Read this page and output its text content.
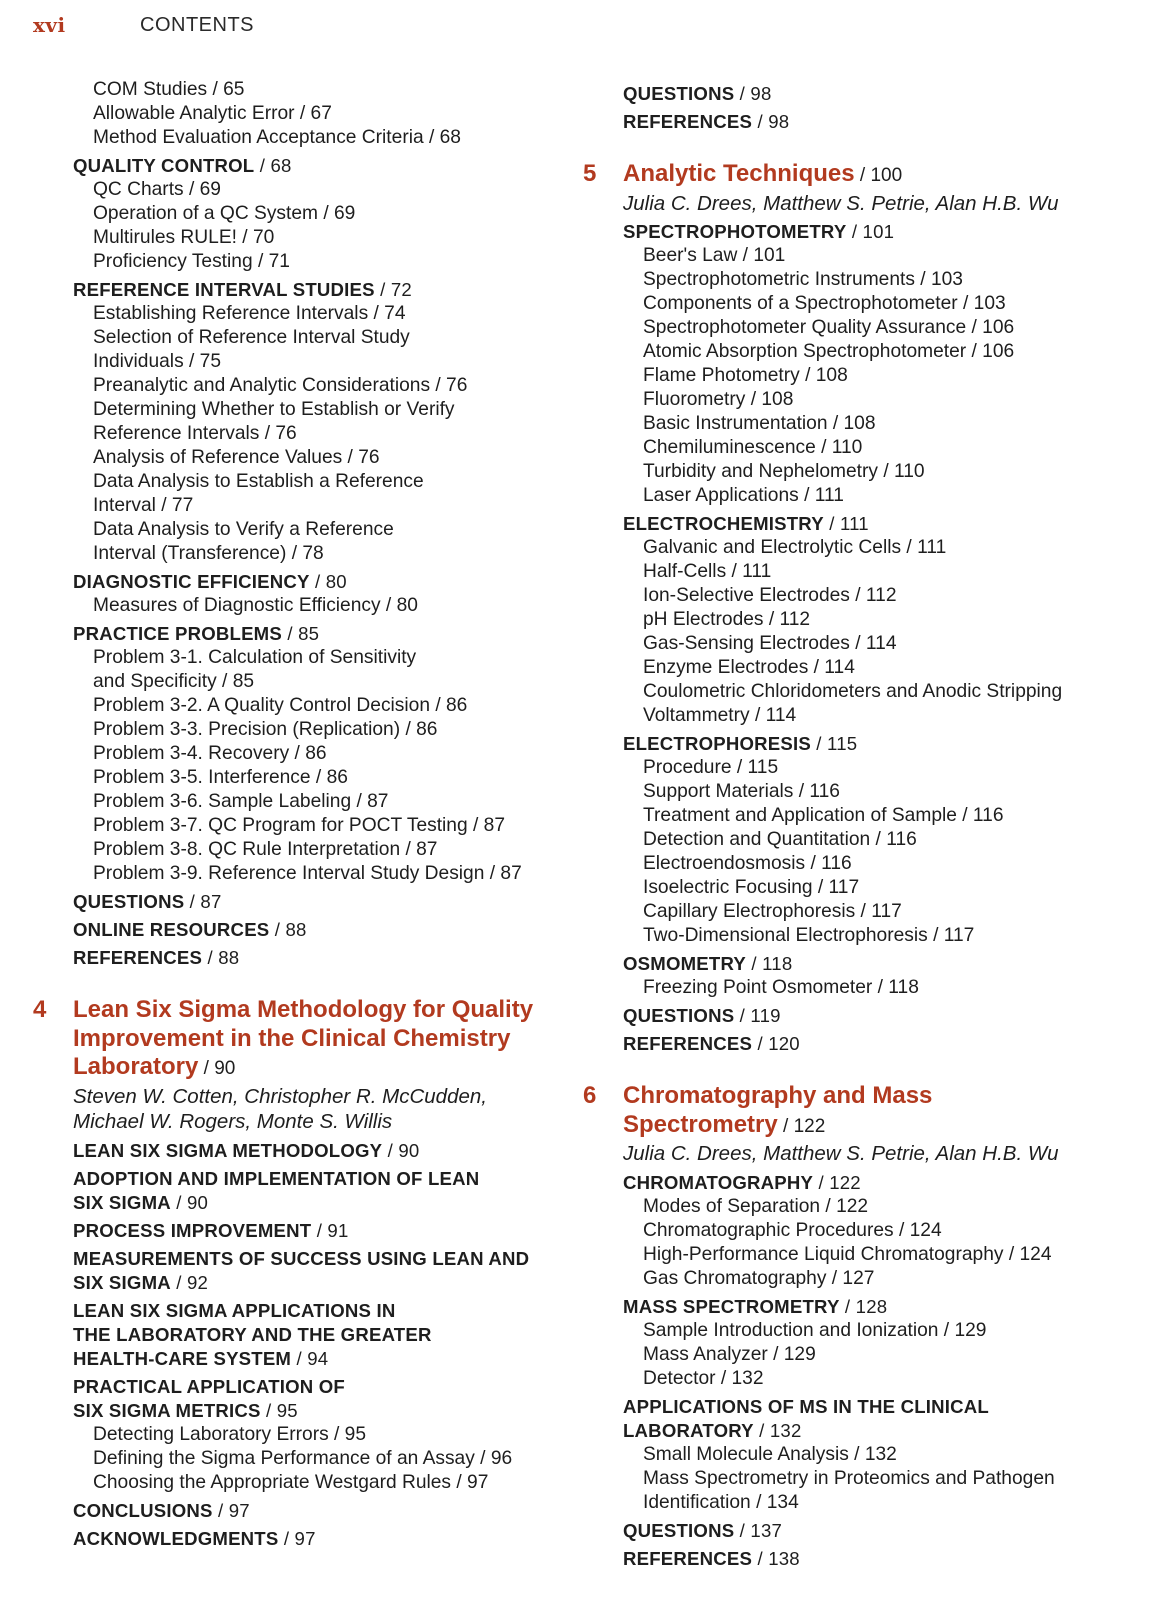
xvi	CONTENTS
COM Studies / 65
Allowable Analytic Error / 67
Method Evaluation Acceptance Criteria / 68
QUALITY CONTROL / 68
QC Charts / 69
Operation of a QC System / 69
Multirules RULE! / 70
Proficiency Testing / 71
REFERENCE INTERVAL STUDIES / 72
Establishing Reference Intervals / 74
Selection of Reference Interval Study
Individuals / 75
Preanalytic and Analytic Considerations / 76
Determining Whether to Establish or Verify
Reference Intervals / 76
Analysis of Reference Values / 76
Data Analysis to Establish a Reference
Interval / 77
Data Analysis to Verify a Reference
Interval (Transference) / 78
DIAGNOSTIC EFFICIENCY / 80
Measures of Diagnostic Efficiency / 80
PRACTICE PROBLEMS / 85
Problem 3-1. Calculation of Sensitivity
and Specificity / 85
Problem 3-2. A Quality Control Decision / 86
Problem 3-3. Precision (Replication) / 86
Problem 3-4. Recovery / 86
Problem 3-5. Interference / 86
Problem 3-6. Sample Labeling / 87
Problem 3-7. QC Program for POCT Testing / 87
Problem 3-8. QC Rule Interpretation / 87
Problem 3-9. Reference Interval Study Design / 87
QUESTIONS / 87
ONLINE RESOURCES / 88
REFERENCES / 88
4 Lean Six Sigma Methodology for Quality
Improvement in the Clinical Chemistry
Laboratory / 90
Steven W. Cotten, Christopher R. McCudden,
Michael W. Rogers, Monte S. Willis
LEAN SIX SIGMA METHODOLOGY / 90
ADOPTION AND IMPLEMENTATION OF LEAN
SIX SIGMA / 90
PROCESS IMPROVEMENT / 91
MEASUREMENTS OF SUCCESS USING LEAN AND
SIX SIGMA / 92
LEAN SIX SIGMA APPLICATIONS IN
THE LABORATORY AND THE GREATER
HEALTH-CARE SYSTEM / 94
PRACTICAL APPLICATION OF
SIX SIGMA METRICS / 95
Detecting Laboratory Errors / 95
Defining the Sigma Performance of an Assay / 96
Choosing the Appropriate Westgard Rules / 97
CONCLUSIONS / 97
ACKNOWLEDGMENTS / 97
QUESTIONS / 98
REFERENCES / 98
5 Analytic Techniques / 100
Julia C. Drees, Matthew S. Petrie, Alan H.B. Wu
SPECTROPHOTOMETRY / 101
Beer's Law / 101
Spectrophotometric Instruments / 103
Components of a Spectrophotometer / 103
Spectrophotometer Quality Assurance / 106
Atomic Absorption Spectrophotometer / 106
Flame Photometry / 108
Fluorometry / 108
Basic Instrumentation / 108
Chemiluminescence / 110
Turbidity and Nephelometry / 110
Laser Applications / 111
ELECTROCHEMISTRY / 111
Galvanic and Electrolytic Cells / 111
Half-Cells / 111
Ion-Selective Electrodes / 112
pH Electrodes / 112
Gas-Sensing Electrodes / 114
Enzyme Electrodes / 114
Coulometric Chloridometers and Anodic Stripping
Voltammetry / 114
ELECTROPHORESIS / 115
Procedure / 115
Support Materials / 116
Treatment and Application of Sample / 116
Detection and Quantitation / 116
Electroendosmosis / 116
Isoelectric Focusing / 117
Capillary Electrophoresis / 117
Two-Dimensional Electrophoresis / 117
OSMOMETRY / 118
Freezing Point Osmometer / 118
QUESTIONS / 119
REFERENCES / 120
6 Chromatography and Mass
Spectrometry / 122
Julia C. Drees, Matthew S. Petrie, Alan H.B. Wu
CHROMATOGRAPHY / 122
Modes of Separation / 122
Chromatographic Procedures / 124
High-Performance Liquid Chromatography / 124
Gas Chromatography / 127
MASS SPECTROMETRY / 128
Sample Introduction and Ionization / 129
Mass Analyzer / 129
Detector / 132
APPLICATIONS OF MS IN THE CLINICAL
LABORATORY / 132
Small Molecule Analysis / 132
Mass Spectrometry in Proteomics and Pathogen
Identification / 134
QUESTIONS / 137
REFERENCES / 138
